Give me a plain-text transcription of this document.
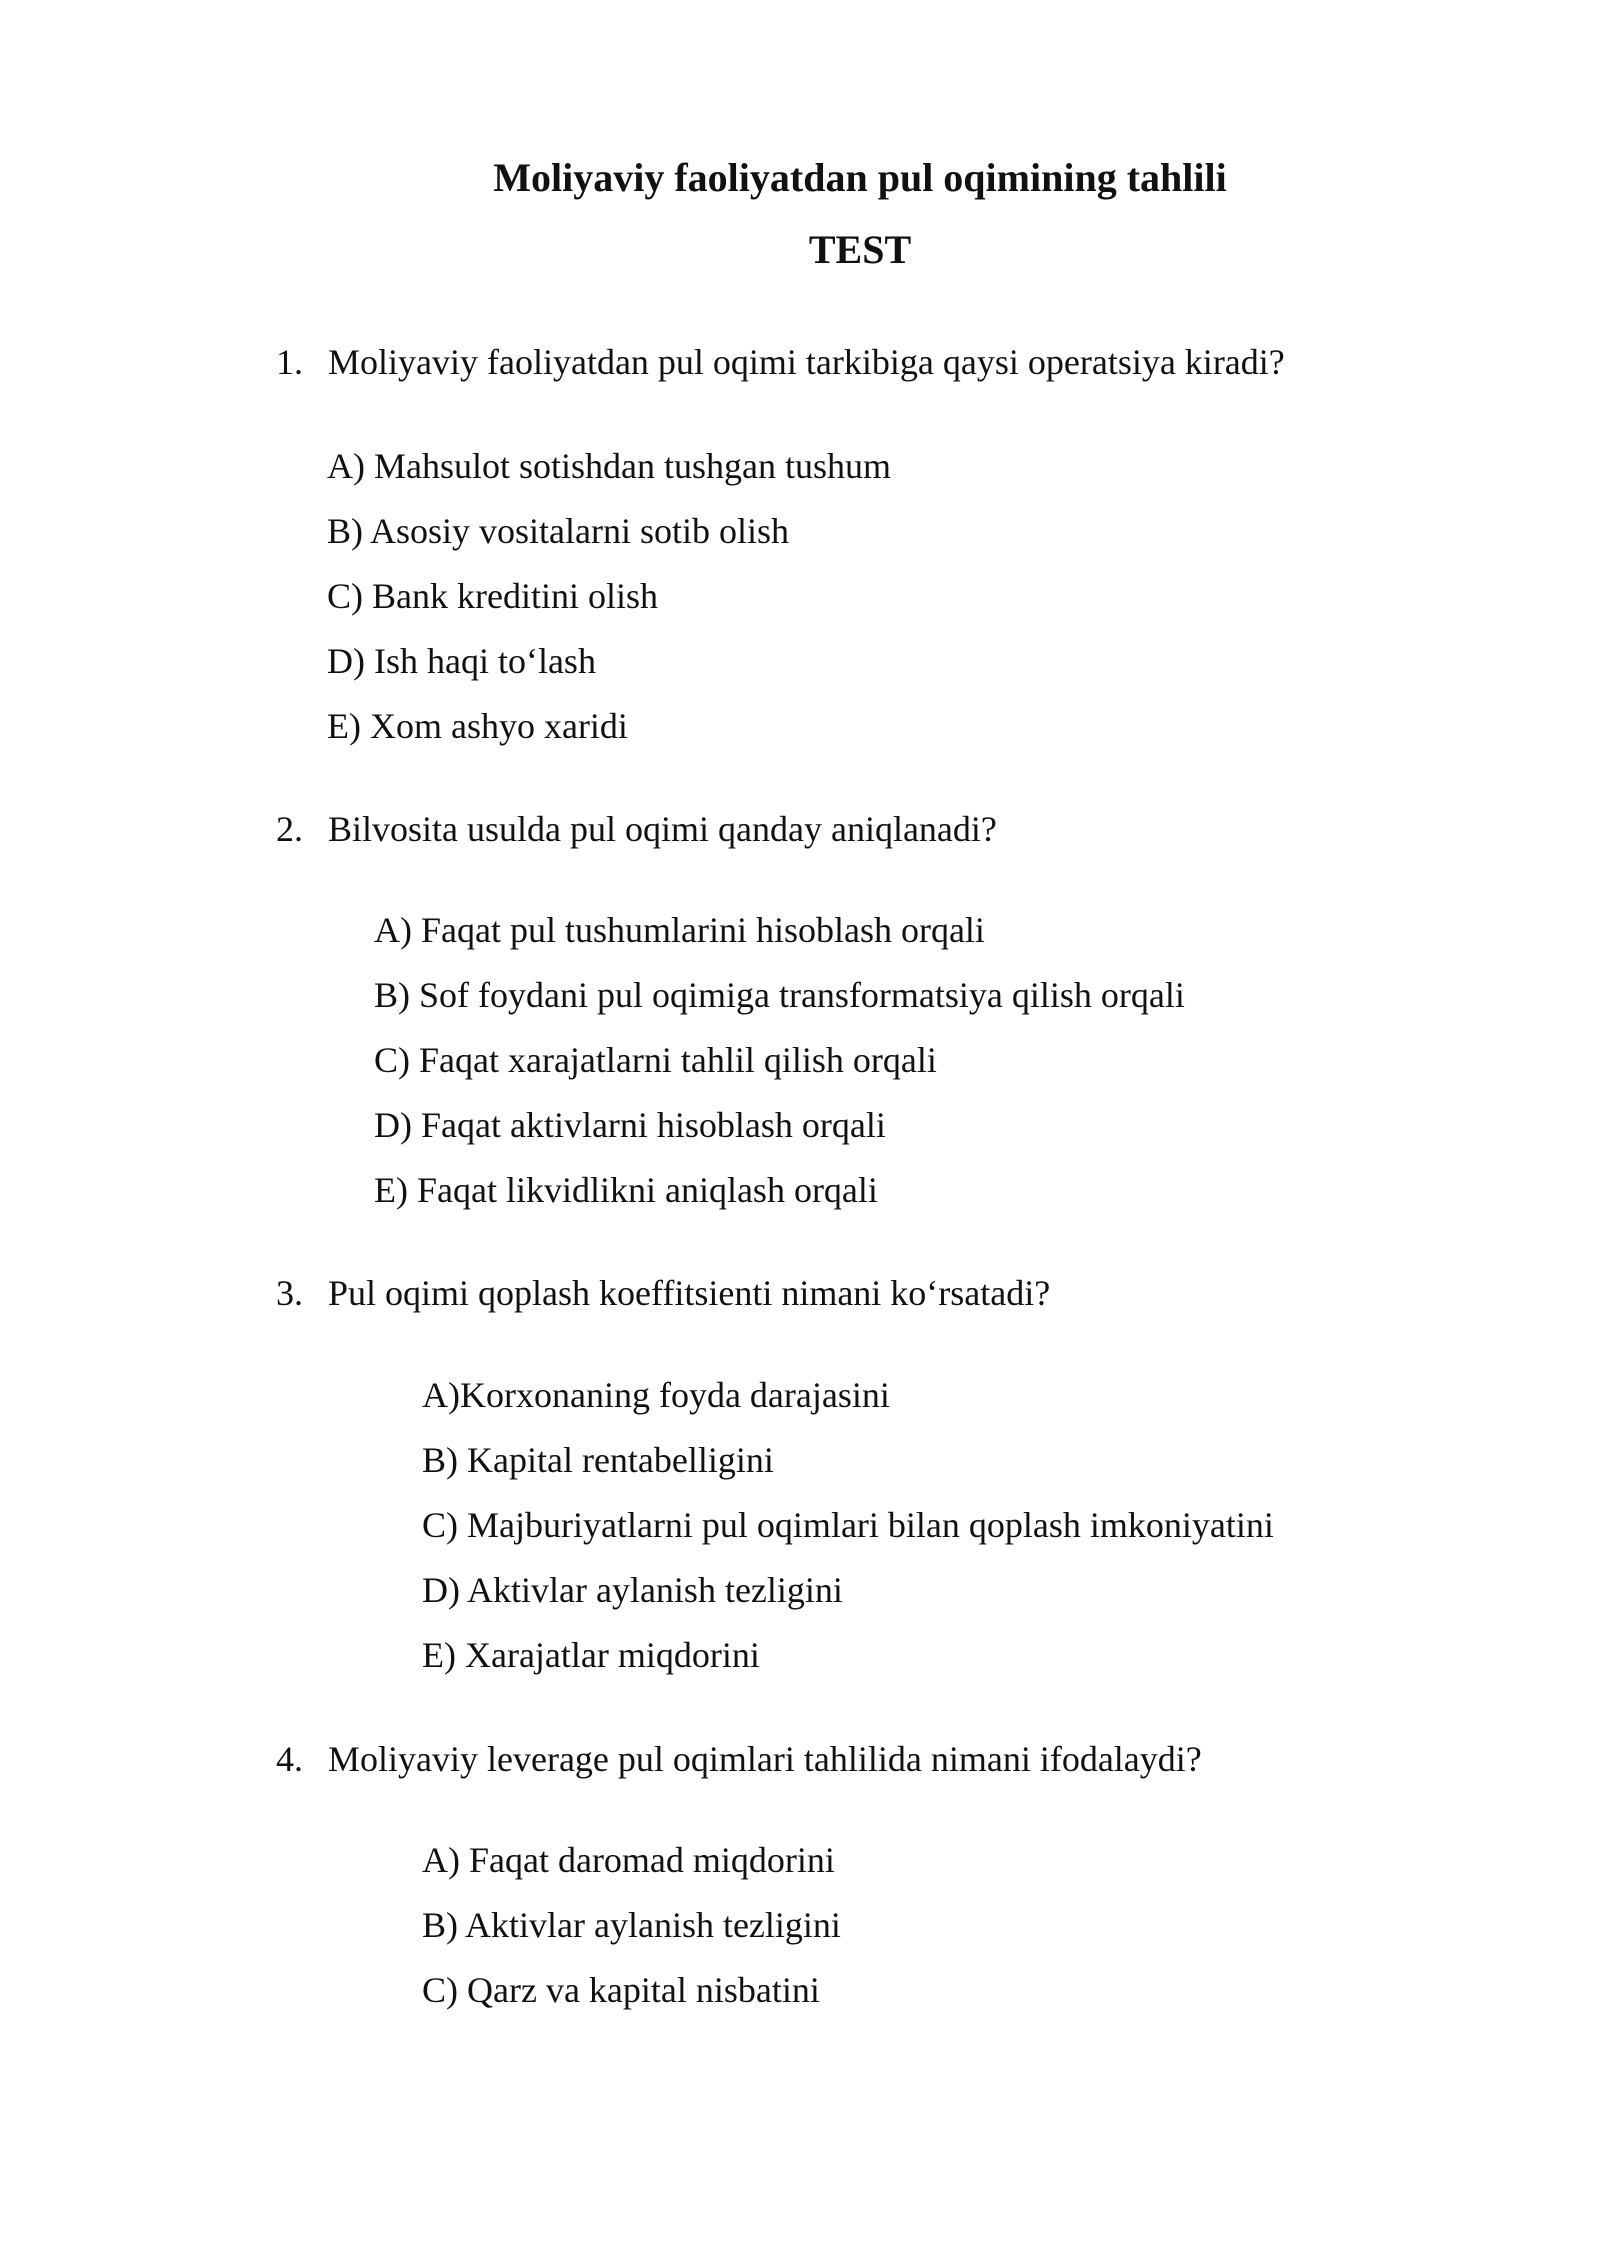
Moliyaviy faoliyatdan pul oqimining tahlili
TEST
1. Moliyaviy faoliyatdan pul oqimi tarkibiga qaysi operatsiya kiradi?
A) Mahsulot sotishdan tushgan tushum
B) Asosiy vositalarni sotib olish
C) Bank kreditini olish
D) Ish haqi to‘lash
E) Xom ashyo xaridi
2. Bilvosita usulda pul oqimi qanday aniqlanadi?
A) Faqat pul tushumlarini hisoblash orqali
B) Sof foydani pul oqimiga transformatsiya qilish orqali
C) Faqat xarajatlarni tahlil qilish orqali
D) Faqat aktivlarni hisoblash orqali
E) Faqat likvidlikni aniqlash orqali
3. Pul oqimi qoplash koeffitsienti nimani ko‘rsatadi?
A)Korxonaning foyda darajasini
B) Kapital rentabelligini
C) Majburiyatlarni pul oqimlari bilan qoplash imkoniyatini
D) Aktivlar aylanish tezligini
E) Xarajatlar miqdorini
4. Moliyaviy leverage pul oqimlari tahlilida nimani ifodalaydi?
A) Faqat daromad miqdorini
B) Aktivlar aylanish tezligini
C) Qarz va kapital nisbatini
